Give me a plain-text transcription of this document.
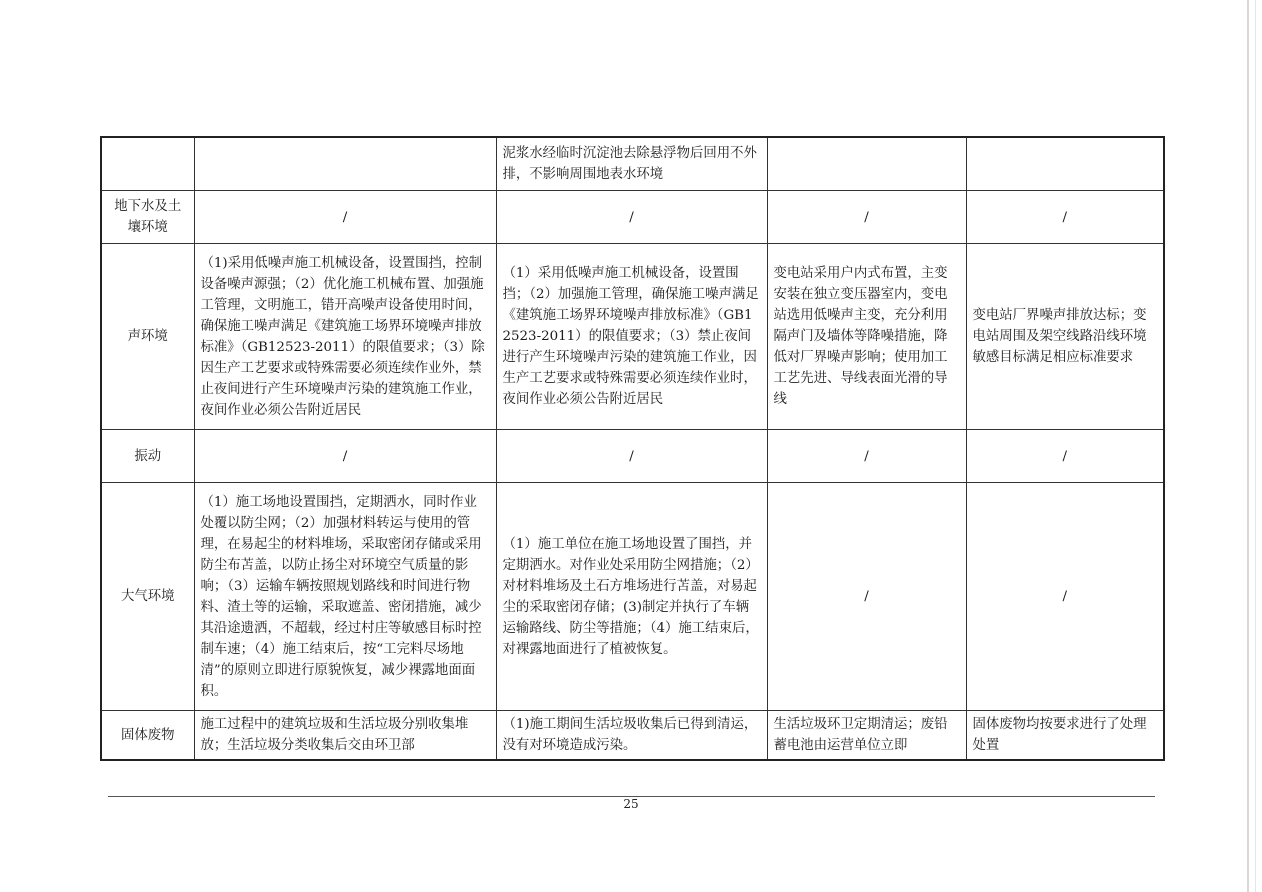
		泥浆水经临时沉淀池去除悬浮物后回用不外排，不影响周围地表水环境		
地下水及土壤环境	/	/	/	/
声环境	（1)采用低噪声施工机械设备，设置围挡，控制设备噪声源强；（2）优化施工机械布置、加强施工管理，文明施工，错开高噪声设备使用时间，确保施工噪声满足《建筑施工场界环境噪声排放标准》（GB12523-2011）的限值要求；（3）除因生产工艺要求或特殊需要必须连续作业外，禁止夜间进行产生环境噪声污染的建筑施工作业，夜间作业必须公告附近居民	（1）采用低噪声施工机械设备，设置围挡；（2）加强施工管理，确保施工噪声满足《建筑施工场界环境噪声排放标准》（GB12523-2011）的限值要求；（3）禁止夜间进行产生环境噪声污染的建筑施工作业，因生产工艺要求或特殊需要必须连续作业时，夜间作业必须公告附近居民	变电站采用户内式布置，主变安装在独立变压器室内，变电站选用低噪声主变，充分利用隔声门及墙体等降噪措施，降低对厂界噪声影响；使用加工工艺先进、导线表面光滑的导线	变电站厂界噪声排放达标；变电站周围及架空线路沿线环境敏感目标满足相应标准要求
振动	/	/	/	/
大气环境	（1）施工场地设置围挡，定期洒水，同时作业处覆以防尘网；（2）加强材料转运与使用的管理，在易起尘的材料堆场，采取密闭存储或采用防尘布苫盖，以防止扬尘对环境空气质量的影响；（3）运输车辆按照规划路线和时间进行物料、渣土等的运输，采取遮盖、密闭措施，减少其沿途遗洒，不超载，经过村庄等敏感目标时控制车速；（4）施工结束后，按“工完料尽场地清”的原则立即进行原貌恢复，减少裸露地面面积。	（1）施工单位在施工场地设置了围挡，并定期洒水。对作业处采用防尘网措施；（2）对材料堆场及土石方堆场进行苫盖，对易起尘的采取密闭存储；(3)制定并执行了车辆运输路线、防尘等措施；（4）施工结束后，对裸露地面进行了植被恢复。	/	/
固体废物	施工过程中的建筑垃圾和生活垃圾分别收集堆放；生活垃圾分类收集后交由环卫部	（1)施工期间生活垃圾收集后已得到清运，没有对环境造成污染。	生活垃圾环卫定期清运；废铅蓄电池由运营单位立即	固体废物均按要求进行了处理处置
25
